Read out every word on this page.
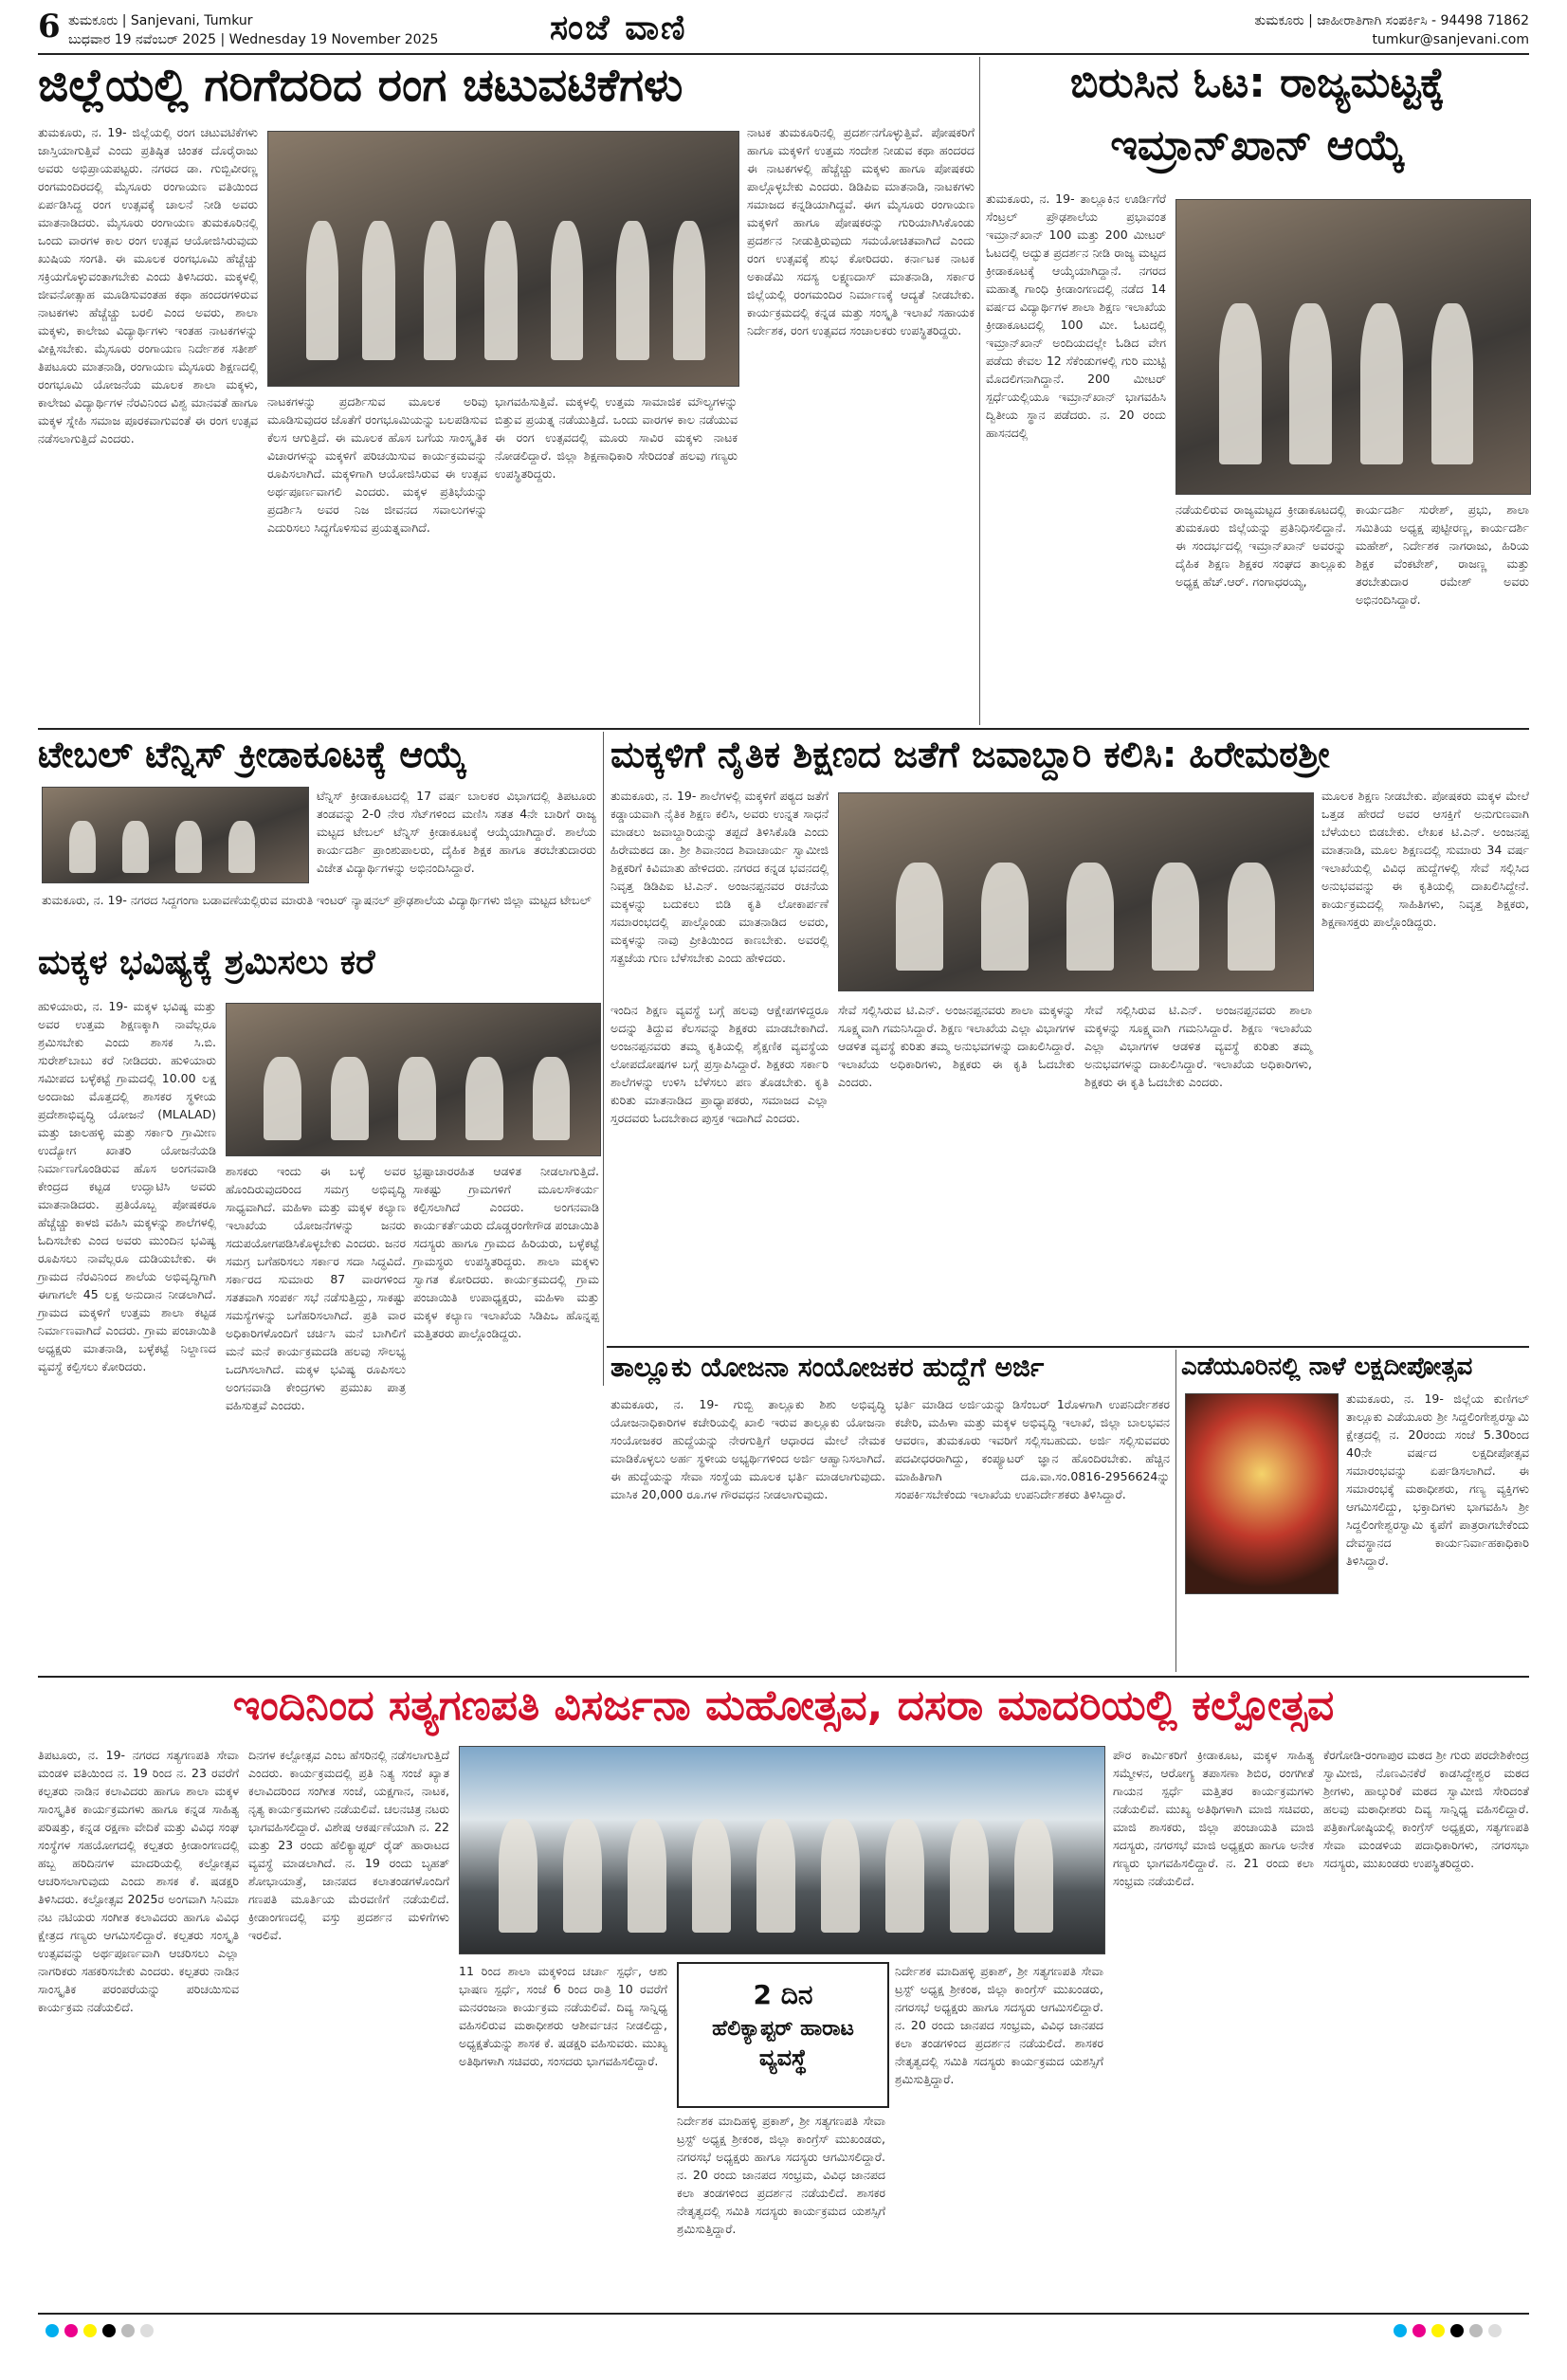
6 ತುಮಕೂರು | Sanjevani, Tumkur
ಬುಧವಾರ 19 ನವೆಂಬರ್ 2025 | Wednesday 19 November 2025	ಸಂಜೆ ವಾಣಿ	ತುಮಕೂರು | ಜಾಹೀರಾತಿಗಾಗಿ ಸಂಪರ್ಕಿಸಿ - 94498 71862
tumkur@sanjevani.com
ಜಿಲ್ಲೆಯಲ್ಲಿ ಗರಿಗೆದರಿದ ರಂಗ ಚಟುವಟಿಕೆಗಳು
ತುಮಕೂರು, ನ. 19- ಜಿಲ್ಲೆಯಲ್ಲಿ ರಂಗ ಚಟುವಟಿಕೆಗಳು ಜಾಸ್ತಿಯಾಗುತ್ತಿವೆ ಎಂದು ಪ್ರತಿಷ್ಠಿತ ಚಿಂತಕ ದೊರೈರಾಜು ಅವರು ಅಭಿಪ್ರಾಯಪಟ್ಟರು. ನಗರದ ಡಾ. ಗುಬ್ಬಿವೀರಣ್ಣ ರಂಗಮಂದಿರದಲ್ಲಿ ಮೈಸೂರು ರಂಗಾಯಣ ವತಿಯಿಂದ ಏರ್ಪಡಿಸಿದ್ದ ರಂಗ ಉತ್ಸವಕ್ಕೆ ಚಾಲನೆ ನೀಡಿ ಅವರು ಮಾತನಾಡಿದರು. ಮೈಸೂರು ರಂಗಾಯಣ ತುಮಕೂರಿನಲ್ಲಿ ಒಂದು ವಾರಗಳ ಕಾಲ ರಂಗ ಉತ್ಸವ ಆಯೋಜಿಸಿರುವುದು ಖುಷಿಯ ಸಂಗತಿ. ಈ ಮೂಲಕ ರಂಗಭೂಮಿ ಹೆಚ್ಚೆಚ್ಚು ಸಕ್ರಿಯಗೊಳ್ಳುವಂತಾಗಬೇಕು ಎಂದು ತಿಳಿಸಿದರು. ಮಕ್ಕಳಲ್ಲಿ ಜೀವನೋತ್ಸಾಹ ಮೂಡಿಸುವಂತಹ ಕಥಾ ಹಂದರಗಳಿರುವ ನಾಟಕಗಳು ಹೆಚ್ಚೆಚ್ಚು ಬರಲಿ ಎಂದ ಅವರು, ಶಾಲಾ ಮಕ್ಕಳು, ಕಾಲೇಜು ವಿದ್ಯಾರ್ಥಿಗಳು ಇಂತಹ ನಾಟಕಗಳನ್ನು ವೀಕ್ಷಿಸಬೇಕು. ಮೈಸೂರು ರಂಗಾಯಣ ನಿರ್ದೇಶಕ ಸತೀಶ್ ತಿಪಟೂರು ಮಾತನಾಡಿ, ರಂಗಾಯಣ ಮೈಸೂರು ಶಿಕ್ಷಣದಲ್ಲಿ ರಂಗಭೂಮಿ ಯೋಜನೆಯ ಮೂಲಕ ಶಾಲಾ ಮಕ್ಕಳು, ಕಾಲೇಜು ವಿದ್ಯಾರ್ಥಿಗಳ ನೆರವಿನಿಂದ ವಿಶ್ವ ಮಾನವತೆ ಹಾಗೂ ಮಕ್ಕಳ ಸ್ನೇಹಿ ಸಮಾಜ ಪೂರಕವಾಗುವಂತೆ ಈ ರಂಗ ಉತ್ಸವ ನಡೆಸಲಾಗುತ್ತಿದೆ ಎಂದರು.
ನಾಟಕಗಳನ್ನು ಪ್ರದರ್ಶಿಸುವ ಮೂಲಕ ಅರಿವು ಮೂಡಿಸುವುದರ ಜೊತೆಗೆ ರಂಗಭೂಮಿಯನ್ನು ಬಲಪಡಿಸುವ ಕೆಲಸ ಆಗುತ್ತಿದೆ. ಈ ಮೂಲಕ ಹೊಸ ಬಗೆಯ ಸಾಂಸ್ಕೃತಿಕ ವಿಚಾರಗಳನ್ನು ಮಕ್ಕಳಿಗೆ ಪರಿಚಯಿಸುವ ಕಾರ್ಯಕ್ರಮವನ್ನು ರೂಪಿಸಲಾಗಿದೆ. ಮಕ್ಕಳಿಗಾಗಿ ಆಯೋಜಿಸಿರುವ ಈ ಉತ್ಸವ ಅರ್ಥಪೂರ್ಣವಾಗಲಿ ಎಂದರು. ಮಕ್ಕಳ ಪ್ರತಿಭೆಯನ್ನು ಪ್ರದರ್ಶಿಸಿ ಅವರ ನಿಜ ಜೀವನದ ಸವಾಲುಗಳನ್ನು ಎದುರಿಸಲು ಸಿದ್ಧಗೊಳಿಸುವ ಪ್ರಯತ್ನವಾಗಿದೆ.
ಭಾಗವಹಿಸುತ್ತಿವೆ. ಮಕ್ಕಳಲ್ಲಿ ಉತ್ತಮ ಸಾಮಾಜಿಕ ಮೌಲ್ಯಗಳನ್ನು ಬಿತ್ತುವ ಪ್ರಯತ್ನ ನಡೆಯುತ್ತಿದೆ. ಒಂದು ವಾರಗಳ ಕಾಲ ನಡೆಯುವ ಈ ರಂಗ ಉತ್ಸವದಲ್ಲಿ ಮೂರು ಸಾವಿರ ಮಕ್ಕಳು ನಾಟಕ ನೋಡಲಿದ್ದಾರೆ. ಜಿಲ್ಲಾ ಶಿಕ್ಷಣಾಧಿಕಾರಿ ಸೇರಿದಂತೆ ಹಲವು ಗಣ್ಯರು ಉಪಸ್ಥಿತರಿದ್ದರು.
ನಾಟಕ ತುಮಕೂರಿನಲ್ಲಿ ಪ್ರದರ್ಶನಗೊಳ್ಳುತ್ತಿವೆ. ಪೋಷಕರಿಗೆ ಹಾಗೂ ಮಕ್ಕಳಿಗೆ ಉತ್ತಮ ಸಂದೇಶ ನೀಡುವ ಕಥಾ ಹಂದರದ ಈ ನಾಟಕಗಳಲ್ಲಿ ಹೆಚ್ಚೆಚ್ಚು ಮಕ್ಕಳು ಹಾಗೂ ಪೋಷಕರು ಪಾಲ್ಗೊಳ್ಳಬೇಕು ಎಂದರು. ಡಿಡಿಪಿಐ ಮಾತನಾಡಿ, ನಾಟಕಗಳು ಸಮಾಜದ ಕನ್ನಡಿಯಾಗಿದ್ದವೆ. ಈಗ ಮೈಸೂರು ರಂಗಾಯಣ ಮಕ್ಕಳಿಗೆ ಹಾಗೂ ಪೋಷಕರನ್ನು ಗುರಿಯಾಗಿಸಿಕೊಂಡು ಪ್ರದರ್ಶನ ನೀಡುತ್ತಿರುವುದು ಸಮಯೋಚಿತವಾಗಿದೆ ಎಂದು ರಂಗ ಉತ್ಸವಕ್ಕೆ ಶುಭ ಕೋರಿದರು. ಕರ್ನಾಟಕ ನಾಟಕ ಅಕಾಡೆಮಿ ಸದಸ್ಯ ಲಕ್ಷ್ಮಣದಾಸ್ ಮಾತನಾಡಿ, ಸರ್ಕಾರ ಜಿಲ್ಲೆಯಲ್ಲಿ ರಂಗಮಂದಿರ ನಿರ್ಮಾಣಕ್ಕೆ ಆದ್ಯತೆ ನೀಡಬೇಕು. ಕಾರ್ಯಕ್ರಮದಲ್ಲಿ ಕನ್ನಡ ಮತ್ತು ಸಂಸ್ಕೃತಿ ಇಲಾಖೆ ಸಹಾಯಕ ನಿರ್ದೇಶಕ, ರಂಗ ಉತ್ಸವದ ಸಂಚಾಲಕರು ಉಪಸ್ಥಿತರಿದ್ದರು.
ಬಿರುಸಿನ ಓಟ: ರಾಜ್ಯಮಟ್ಟಕ್ಕೆ
ಇಮ್ರಾನ್‌ಖಾನ್ ಆಯ್ಕೆ
ತುಮಕೂರು, ನ. 19- ತಾಲ್ಲೂಕಿನ ಊರ್ಡಿಗೆರೆ ಸೆಂಟ್ರಲ್ ಪ್ರೌಢಶಾಲೆಯ ಪ್ರಭಾವಂತ ಇಮ್ರಾನ್‌ಖಾನ್ 100 ಮತ್ತು 200 ಮೀಟರ್ ಓಟದಲ್ಲಿ ಅದ್ಭುತ ಪ್ರದರ್ಶನ ನೀಡಿ ರಾಜ್ಯ ಮಟ್ಟದ ಕ್ರೀಡಾಕೂಟಕ್ಕೆ ಆಯ್ಕೆಯಾಗಿದ್ದಾನೆ. ನಗರದ ಮಹಾತ್ಮ ಗಾಂಧಿ ಕ್ರೀಡಾಂಗಣದಲ್ಲಿ ನಡೆದ 14 ವರ್ಷದ ವಿದ್ಯಾರ್ಥಿಗಳ ಶಾಲಾ ಶಿಕ್ಷಣ ಇಲಾಖೆಯ ಕ್ರೀಡಾಕೂಟದಲ್ಲಿ 100 ಮೀ. ಓಟದಲ್ಲಿ ಇಮ್ರಾನ್‌ಖಾನ್ ಅಂದಿಯದಲ್ಲೇ ಓಡಿದ ವೇಗ ಪಡೆದು ಕೇವಲ 12 ಸೆಕೆಂಡುಗಳಲ್ಲಿ ಗುರಿ ಮುಟ್ಟಿ ಮೊದಲಿಗನಾಗಿದ್ದಾನೆ. 200 ಮೀಟರ್ ಸ್ಪರ್ಧೆಯಲ್ಲಿಯೂ ಇಮ್ರಾನ್‌ಖಾನ್ ಭಾಗವಹಿಸಿ ದ್ವಿತೀಯ ಸ್ಥಾನ ಪಡೆದರು. ನ. 20 ರಂದು ಹಾಸನದಲ್ಲಿ
ನಡೆಯಲಿರುವ ರಾಜ್ಯಮಟ್ಟದ ಕ್ರೀಡಾಕೂಟದಲ್ಲಿ ತುಮಕೂರು ಜಿಲ್ಲೆಯನ್ನು ಪ್ರತಿನಿಧಿಸಲಿದ್ದಾನೆ. ಈ ಸಂದರ್ಭದಲ್ಲಿ ಇಮ್ರಾನ್‌ಖಾನ್ ಅವರನ್ನು ದೈಹಿಕ ಶಿಕ್ಷಣ ಶಿಕ್ಷಕರ ಸಂಘದ ತಾಲ್ಲೂಕು ಅಧ್ಯಕ್ಷ ಹೆಚ್.ಆರ್. ಗಂಗಾಧರಯ್ಯ,
ಕಾರ್ಯದರ್ಶಿ ಸುರೇಶ್, ಪ್ರಭು, ಶಾಲಾ ಸಮಿತಿಯ ಅಧ್ಯಕ್ಷ ಪುಟ್ಟೀರಣ್ಣ, ಕಾರ್ಯದರ್ಶಿ ಮಹೇಶ್, ನಿರ್ದೇಶಕ ನಾಗರಾಜು, ಹಿರಿಯ ಶಿಕ್ಷಕ ವೆಂಕಟೇಶ್, ರಾಜಣ್ಣ ಮತ್ತು ತರಬೇತುದಾರ ರಮೇಶ್ ಅವರು ಅಭಿನಂದಿಸಿದ್ದಾರೆ.
ಟೇಬಲ್ ಟೆನ್ನಿಸ್ ಕ್ರೀಡಾಕೂಟಕ್ಕೆ ಆಯ್ಕೆ
ಟೆನ್ನಿಸ್ ಕ್ರೀಡಾಕೂಟದಲ್ಲಿ 17 ವರ್ಷ ಬಾಲಕರ ವಿಭಾಗದಲ್ಲಿ ತಿಪಟೂರು ತಂಡವನ್ನು 2-0 ನೇರ ಸೆಟ್‌ಗಳಿಂದ ಮಣಿಸಿ ಸತತ 4ನೇ ಬಾರಿಗೆ ರಾಜ್ಯ ಮಟ್ಟದ ಟೇಬಲ್ ಟೆನ್ನಿಸ್ ಕ್ರೀಡಾಕೂಟಕ್ಕೆ ಆಯ್ಕೆಯಾಗಿದ್ದಾರೆ. ಶಾಲೆಯ ಕಾರ್ಯದರ್ಶಿ ಪ್ರಾಂಶುಪಾಲರು, ದೈಹಿಕ ಶಿಕ್ಷಕ ಹಾಗೂ ತರಬೇತುದಾರರು ವಿಜೇತ ವಿದ್ಯಾರ್ಥಿಗಳನ್ನು ಅಭಿನಂದಿಸಿದ್ದಾರೆ.
ತುಮಕೂರು, ನ. 19- ನಗರದ ಸಿದ್ದಗಂಗಾ ಬಡಾವಣೆಯಲ್ಲಿರುವ ಮಾರುತಿ ಇಂಟರ್ ನ್ಯಾಷನಲ್ ಪ್ರೌಢಶಾಲೆಯ ವಿದ್ಯಾರ್ಥಿಗಳು ಜಿಲ್ಲಾ ಮಟ್ಟದ ಟೇಬಲ್
ಮಕ್ಕಳ ಭವಿಷ್ಯಕ್ಕೆ ಶ್ರಮಿಸಲು ಕರೆ
ಹುಳಿಯಾರು, ನ. 19- ಮಕ್ಕಳ ಭವಿಷ್ಯ ಮತ್ತು ಅವರ ಉತ್ತಮ ಶಿಕ್ಷಣಕ್ಕಾಗಿ ನಾವೆಲ್ಲರೂ ಶ್ರಮಿಸಬೇಕು ಎಂದು ಶಾಸಕ ಸಿ.ಬಿ. ಸುರೇಶ್‌ಬಾಬು ಕರೆ ನೀಡಿದರು. ಹುಳಿಯಾರು ಸಮೀಪದ ಬಳ್ಳೆಕಟ್ಟೆ ಗ್ರಾಮದಲ್ಲಿ 10.00 ಲಕ್ಷ ಅಂದಾಜು ಮೊತ್ತದಲ್ಲಿ ಶಾಸಕರ ಸ್ಥಳೀಯ ಪ್ರದೇಶಾಭಿವೃದ್ಧಿ ಯೋಜನೆ (MLALAD) ಮತ್ತು ಜಾಲಹಳ್ಳಿ ಮತ್ತು ಸರ್ಕಾರಿ ಗ್ರಾಮೀಣ ಉದ್ಯೋಗ ಖಾತರಿ ಯೋಜನೆಯಡಿ ನಿರ್ಮಾಣಗೊಂಡಿರುವ ಹೊಸ ಅಂಗನವಾಡಿ ಕೇಂದ್ರದ ಕಟ್ಟಡ ಉದ್ಘಾಟಿಸಿ ಅವರು ಮಾತನಾಡಿದರು. ಪ್ರತಿಯೊಬ್ಬ ಪೋಷಕರೂ ಹೆಚ್ಚೆಚ್ಚು ಕಾಳಜಿ ವಹಿಸಿ ಮಕ್ಕಳನ್ನು ಶಾಲೆಗಳಲ್ಲಿ ಓದಿಸಬೇಕು ಎಂದ ಅವರು ಮುಂದಿನ ಭವಿಷ್ಯ ರೂಪಿಸಲು ನಾವೆಲ್ಲರೂ ದುಡಿಯಬೇಕು. ಈ ಗ್ರಾಮದ ನೆರವಿನಿಂದ ಶಾಲೆಯ ಅಭಿವೃದ್ಧಿಗಾಗಿ ಈಗಾಗಲೇ 45 ಲಕ್ಷ ಅನುದಾನ ನೀಡಲಾಗಿದೆ. ಗ್ರಾಮದ ಮಕ್ಕಳಿಗೆ ಉತ್ತಮ ಶಾಲಾ ಕಟ್ಟಡ ನಿರ್ಮಾಣವಾಗಿದೆ ಎಂದರು. ಗ್ರಾಮ ಪಂಚಾಯಿತಿ ಅಧ್ಯಕ್ಷರು ಮಾತನಾಡಿ, ಬಳ್ಳೆಕಟ್ಟೆ ನಿಲ್ದಾಣದ ವ್ಯವಸ್ಥೆ ಕಲ್ಪಿಸಲು ಕೋರಿದರು.
ಶಾಸಕರು ಇಂದು ಈ ಬಳ್ಳೆ ಅವರ ಹೊಂದಿರುವುದರಿಂದ ಸಮಗ್ರ ಅಭಿವೃದ್ಧಿ ಸಾಧ್ಯವಾಗಿದೆ. ಮಹಿಳಾ ಮತ್ತು ಮಕ್ಕಳ ಕಲ್ಯಾಣ ಇಲಾಖೆಯ ಯೋಜನೆಗಳನ್ನು ಜನರು ಸದುಪಯೋಗಪಡಿಸಿಕೊಳ್ಳಬೇಕು ಎಂದರು. ಜನರ ಸಮಗ್ರ ಬಗೆಹರಿಸಲು ಸರ್ಕಾರ ಸದಾ ಸಿದ್ಧವಿದೆ. ಸರ್ಕಾರದ ಸುಮಾರು 87 ವಾರಗಳಿಂದ ಸತತವಾಗಿ ಸಂಪರ್ಕ ಸಭೆ ನಡೆಸುತ್ತಿದ್ದು, ಸಾಕಷ್ಟು ಸಮಸ್ಯೆಗಳನ್ನು ಬಗೆಹರಿಸಲಾಗಿದೆ. ಪ್ರತಿ ವಾರ ಅಧಿಕಾರಿಗಳೊಂದಿಗೆ ಚರ್ಚಿಸಿ ಮನೆ ಬಾಗಿಲಿಗೆ ಮನೆ ಮನೆ ಕಾರ್ಯಕ್ರಮದಡಿ ಹಲವು ಸೌಲಭ್ಯ ಒದಗಿಸಲಾಗಿದೆ. ಮಕ್ಕಳ ಭವಿಷ್ಯ ರೂಪಿಸಲು ಅಂಗನವಾಡಿ ಕೇಂದ್ರಗಳು ಪ್ರಮುಖ ಪಾತ್ರ ವಹಿಸುತ್ತವೆ ಎಂದರು.
ಭ್ರಷ್ಟಾಚಾರರಹಿತ ಆಡಳಿತ ನೀಡಲಾಗುತ್ತಿದೆ. ಸಾಕಷ್ಟು ಗ್ರಾಮಗಳಿಗೆ ಮೂಲಸೌಕರ್ಯ ಕಲ್ಪಿಸಲಾಗಿದೆ ಎಂದರು. ಅಂಗನವಾಡಿ ಕಾರ್ಯಕರ್ತೆಯರು ದೊಡ್ಡರಂಗೇಗೌಡ ಪಂಚಾಯಿತಿ ಸದಸ್ಯರು ಹಾಗೂ ಗ್ರಾಮದ ಹಿರಿಯರು, ಬಳ್ಳೆಕಟ್ಟೆ ಗ್ರಾಮಸ್ಥರು ಉಪಸ್ಥಿತರಿದ್ದರು. ಶಾಲಾ ಮಕ್ಕಳು ಸ್ವಾಗತ ಕೋರಿದರು. ಕಾರ್ಯಕ್ರಮದಲ್ಲಿ ಗ್ರಾಮ ಪಂಚಾಯಿತಿ ಉಪಾಧ್ಯಕ್ಷರು, ಮಹಿಳಾ ಮತ್ತು ಮಕ್ಕಳ ಕಲ್ಯಾಣ ಇಲಾಖೆಯ ಸಿಡಿಪಿಒ ಹೊನ್ನಪ್ಪ ಮತ್ತಿತರರು ಪಾಲ್ಗೊಂಡಿದ್ದರು.
ಮಕ್ಕಳಿಗೆ ನೈತಿಕ ಶಿಕ್ಷಣದ ಜತೆಗೆ ಜವಾಬ್ದಾರಿ ಕಲಿಸಿ: ಹಿರೇಮಠಶ್ರೀ
ತುಮಕೂರು, ನ. 19- ಶಾಲೆಗಳಲ್ಲಿ ಮಕ್ಕಳಿಗೆ ಪಠ್ಯದ ಜತೆಗೆ ಕಡ್ಡಾಯವಾಗಿ ನೈತಿಕ ಶಿಕ್ಷಣ ಕಲಿಸಿ, ಅವರು ಉನ್ನತ ಸಾಧನೆ ಮಾಡಲು ಜವಾಬ್ದಾರಿಯನ್ನು ತಪ್ಪದೆ ತಿಳಿಸಿಕೊಡಿ ಎಂದು ಹಿರೇಮಠದ ಡಾ. ಶ್ರೀ ಶಿವಾನಂದ ಶಿವಾಚಾರ್ಯ ಸ್ವಾಮೀಜಿ ಶಿಕ್ಷಕರಿಗೆ ಕಿವಿಮಾತು ಹೇಳಿದರು. ನಗರದ ಕನ್ನಡ ಭವನದಲ್ಲಿ ನಿವೃತ್ತ ಡಿಡಿಪಿಐ ಟಿ.ಎನ್. ಅಂಜನಪ್ಪನವರ ರಚನೆಯ ಮಕ್ಕಳನ್ನು ಬದುಕಲು ಬಿಡಿ ಕೃತಿ ಲೋಕಾರ್ಪಣೆ ಸಮಾರಂಭದಲ್ಲಿ ಪಾಲ್ಗೊಂಡು ಮಾತನಾಡಿದ ಅವರು, ಮಕ್ಕಳನ್ನು ನಾವು ಪ್ರೀತಿಯಿಂದ ಕಾಣಬೇಕು. ಅವರಲ್ಲಿ ಸತ್ಪ್ರಜೆಯ ಗುಣ ಬೆಳೆಸಬೇಕು ಎಂದು ಹೇಳಿದರು.
ಇಂದಿನ ಶಿಕ್ಷಣ ವ್ಯವಸ್ಥೆ ಬಗ್ಗೆ ಹಲವು ಆಕ್ಷೇಪಗಳಿದ್ದರೂ ಅದನ್ನು ತಿದ್ದುವ ಕೆಲಸವನ್ನು ಶಿಕ್ಷಕರು ಮಾಡಬೇಕಾಗಿದೆ. ಅಂಜನಪ್ಪನವರು ತಮ್ಮ ಕೃತಿಯಲ್ಲಿ ಶೈಕ್ಷಣಿಕ ವ್ಯವಸ್ಥೆಯ ಲೋಪದೋಷಗಳ ಬಗ್ಗೆ ಪ್ರಸ್ತಾಪಿಸಿದ್ದಾರೆ. ಶಿಕ್ಷಕರು ಸರ್ಕಾರಿ ಶಾಲೆಗಳನ್ನು ಉಳಿಸಿ ಬೆಳೆಸಲು ಪಣ ತೊಡಬೇಕು. ಕೃತಿ ಕುರಿತು ಮಾತನಾಡಿದ ಪ್ರಾಧ್ಯಾಪಕರು, ಸಮಾಜದ ಎಲ್ಲಾ ಸ್ತರದವರು ಓದಬೇಕಾದ ಪುಸ್ತಕ ಇದಾಗಿದೆ ಎಂದರು.
ಸೇವೆ ಸಲ್ಲಿಸಿರುವ ಟಿ.ಎನ್. ಅಂಜನಪ್ಪನವರು ಶಾಲಾ ಮಕ್ಕಳನ್ನು ಸೂಕ್ಷ್ಮವಾಗಿ ಗಮನಿಸಿದ್ದಾರೆ. ಶಿಕ್ಷಣ ಇಲಾಖೆಯ ಎಲ್ಲಾ ವಿಭಾಗಗಳ ಆಡಳಿತ ವ್ಯವಸ್ಥೆ ಕುರಿತು ತಮ್ಮ ಅನುಭವಗಳನ್ನು ದಾಖಲಿಸಿದ್ದಾರೆ. ಇಲಾಖೆಯ ಅಧಿಕಾರಿಗಳು, ಶಿಕ್ಷಕರು ಈ ಕೃತಿ ಓದಬೇಕು ಎಂದರು.
ಸೇವೆ ಸಲ್ಲಿಸಿರುವ ಟಿ.ಎನ್. ಅಂಜನಪ್ಪನವರು ಶಾಲಾ ಮಕ್ಕಳನ್ನು ಸೂಕ್ಷ್ಮವಾಗಿ ಗಮನಿಸಿದ್ದಾರೆ. ಶಿಕ್ಷಣ ಇಲಾಖೆಯ ಎಲ್ಲಾ ವಿಭಾಗಗಳ ಆಡಳಿತ ವ್ಯವಸ್ಥೆ ಕುರಿತು ತಮ್ಮ ಅನುಭವಗಳನ್ನು ದಾಖಲಿಸಿದ್ದಾರೆ. ಇಲಾಖೆಯ ಅಧಿಕಾರಿಗಳು, ಶಿಕ್ಷಕರು ಈ ಕೃತಿ ಓದಬೇಕು ಎಂದರು.
ಮೂಲಕ ಶಿಕ್ಷಣ ನೀಡಬೇಕು. ಪೋಷಕರು ಮಕ್ಕಳ ಮೇಲೆ ಒತ್ತಡ ಹೇರದೆ ಅವರ ಆಸಕ್ತಿಗೆ ಅನುಗುಣವಾಗಿ ಬೆಳೆಯಲು ಬಿಡಬೇಕು. ಲೇಖಕ ಟಿ.ಎನ್. ಅಂಜನಪ್ಪ ಮಾತನಾಡಿ, ಮೂಲ ಶಿಕ್ಷಣದಲ್ಲಿ ಸುಮಾರು 34 ವರ್ಷ ಇಲಾಖೆಯಲ್ಲಿ ವಿವಿಧ ಹುದ್ದೆಗಳಲ್ಲಿ ಸೇವೆ ಸಲ್ಲಿಸಿದ ಅನುಭವವನ್ನು ಈ ಕೃತಿಯಲ್ಲಿ ದಾಖಲಿಸಿದ್ದೇನೆ. ಕಾರ್ಯಕ್ರಮದಲ್ಲಿ ಸಾಹಿತಿಗಳು, ನಿವೃತ್ತ ಶಿಕ್ಷಕರು, ಶಿಕ್ಷಣಾಸಕ್ತರು ಪಾಲ್ಗೊಂಡಿದ್ದರು.
ತಾಲ್ಲೂಕು ಯೋಜನಾ ಸಂಯೋಜಕರ ಹುದ್ದೆಗೆ ಅರ್ಜಿ
ತುಮಕೂರು, ನ. 19- ಗುಬ್ಬಿ ತಾಲ್ಲೂಕು ಶಿಶು ಅಭಿವೃದ್ಧಿ ಯೋಜನಾಧಿಕಾರಿಗಳ ಕಚೇರಿಯಲ್ಲಿ ಖಾಲಿ ಇರುವ ತಾಲ್ಲೂಕು ಯೋಜನಾ ಸಂಯೋಜಕರ ಹುದ್ದೆಯನ್ನು ನೇರಗುತ್ತಿಗೆ ಆಧಾರದ ಮೇಲೆ ನೇಮಕ ಮಾಡಿಕೊಳ್ಳಲು ಅರ್ಹ ಸ್ಥಳೀಯ ಅಭ್ಯರ್ಥಿಗಳಿಂದ ಅರ್ಜಿ ಆಹ್ವಾನಿಸಲಾಗಿದೆ. ಈ ಹುದ್ದೆಯನ್ನು ಸೇವಾ ಸಂಸ್ಥೆಯ ಮೂಲಕ ಭರ್ತಿ ಮಾಡಲಾಗುವುದು. ಮಾಸಿಕ 20,000 ರೂ.ಗಳ ಗೌರವಧನ ನೀಡಲಾಗುವುದು.
ಭರ್ತಿ ಮಾಡಿದ ಅರ್ಜಿಯನ್ನು ಡಿಸೆಂಬರ್ 1ರೊಳಗಾಗಿ ಉಪನಿರ್ದೇಶಕರ ಕಚೇರಿ, ಮಹಿಳಾ ಮತ್ತು ಮಕ್ಕಳ ಅಭಿವೃದ್ಧಿ ಇಲಾಖೆ, ಜಿಲ್ಲಾ ಬಾಲಭವನ ಆವರಣ, ತುಮಕೂರು ಇವರಿಗೆ ಸಲ್ಲಿಸಬಹುದು. ಅರ್ಜಿ ಸಲ್ಲಿಸುವವರು ಪದವೀಧರರಾಗಿದ್ದು, ಕಂಪ್ಯೂಟರ್ ಜ್ಞಾನ ಹೊಂದಿರಬೇಕು. ಹೆಚ್ಚಿನ ಮಾಹಿತಿಗಾಗಿ ದೂ.ವಾ.ಸಂ.0816-2956624ನ್ನು ಸಂಪರ್ಕಿಸಬೇಕೆಂದು ಇಲಾಖೆಯ ಉಪನಿರ್ದೇಶಕರು ತಿಳಿಸಿದ್ದಾರೆ.
ಎಡೆಯೂರಿನಲ್ಲಿ ನಾಳೆ ಲಕ್ಷದೀಪೋತ್ಸವ
ತುಮಕೂರು, ನ. 19- ಜಿಲ್ಲೆಯ ಕುಣಿಗಲ್ ತಾಲ್ಲೂಕು ಎಡೆಯೂರು ಶ್ರೀ ಸಿದ್ದಲಿಂಗೇಶ್ವರಸ್ವಾಮಿ ಕ್ಷೇತ್ರದಲ್ಲಿ ನ. 20ರಂದು ಸಂಜೆ 5.30ರಿಂದ 40ನೇ ವರ್ಷದ ಲಕ್ಷದೀಪೋತ್ಸವ ಸಮಾರಂಭವನ್ನು ಏರ್ಪಡಿಸಲಾಗಿದೆ. ಈ ಸಮಾರಂಭಕ್ಕೆ ಮಠಾಧೀಶರು, ಗಣ್ಯ ವ್ಯಕ್ತಿಗಳು ಆಗಮಿಸಲಿದ್ದು, ಭಕ್ತಾದಿಗಳು ಭಾಗವಹಿಸಿ ಶ್ರೀ ಸಿದ್ದಲಿಂಗೇಶ್ವರಸ್ವಾಮಿ ಕೃಪೆಗೆ ಪಾತ್ರರಾಗಬೇಕೆಂದು ದೇವಸ್ಥಾನದ ಕಾರ್ಯನಿರ್ವಾಹಕಾಧಿಕಾರಿ ತಿಳಿಸಿದ್ದಾರೆ.
ಇಂದಿನಿಂದ ಸತ್ಯಗಣಪತಿ ವಿಸರ್ಜನಾ ಮಹೋತ್ಸವ, ದಸರಾ ಮಾದರಿಯಲ್ಲಿ ಕಲ್ಪೋತ್ಸವ
ತಿಪಟೂರು, ನ. 19- ನಗರದ ಸತ್ಯಗಣಪತಿ ಸೇವಾ ಮಂಡಳಿ ವತಿಯಿಂದ ನ. 19 ರಿಂದ ನ. 23 ರವರೆಗೆ ಕಲ್ಪತರು ನಾಡಿನ ಕಲಾವಿದರು ಹಾಗೂ ಶಾಲಾ ಮಕ್ಕಳ ಸಾಂಸ್ಕೃತಿಕ ಕಾರ್ಯಕ್ರಮಗಳು ಹಾಗೂ ಕನ್ನಡ ಸಾಹಿತ್ಯ ಪರಿಷತ್ತು, ಕನ್ನಡ ರಕ್ಷಣಾ ವೇದಿಕೆ ಮತ್ತು ವಿವಿಧ ಸಂಘ ಸಂಸ್ಥೆಗಳ ಸಹಯೋಗದಲ್ಲಿ ಕಲ್ಪತರು ಕ್ರೀಡಾಂಗಣದಲ್ಲಿ ಹಬ್ಬ ಹರಿದಿನಗಳ ಮಾದರಿಯಲ್ಲಿ ಕಲ್ಪೋತ್ಸವ ಆಚರಿಸಲಾಗುವುದು ಎಂದು ಶಾಸಕ ಕೆ. ಷಡಕ್ಷರಿ ತಿಳಿಸಿದರು. ಕಲ್ಪೋತ್ಸವ 2025ರ ಅಂಗವಾಗಿ ಸಿನಿಮಾ ನಟ ನಟಿಯರು ಸಂಗೀತ ಕಲಾವಿದರು ಹಾಗೂ ವಿವಿಧ ಕ್ಷೇತ್ರದ ಗಣ್ಯರು ಆಗಮಿಸಲಿದ್ದಾರೆ. ಕಲ್ಪತರು ಸಂಸ್ಕೃತಿ ಉತ್ಸವವನ್ನು ಅರ್ಥಪೂರ್ಣವಾಗಿ ಆಚರಿಸಲು ಎಲ್ಲಾ ನಾಗರಿಕರು ಸಹಕರಿಸಬೇಕು ಎಂದರು. ಕಲ್ಪತರು ನಾಡಿನ ಸಾಂಸ್ಕೃತಿಕ ಪರಂಪರೆಯನ್ನು ಪರಿಚಯಿಸುವ ಕಾರ್ಯಕ್ರಮ ನಡೆಯಲಿದೆ.
ದಿನಗಳ ಕಲ್ಪೋತ್ಸವ ಎಂಬ ಹೆಸರಿನಲ್ಲಿ ನಡೆಸಲಾಗುತ್ತಿದೆ ಎಂದರು. ಕಾರ್ಯಕ್ರಮದಲ್ಲಿ ಪ್ರತಿ ನಿತ್ಯ ಸಂಜೆ ಖ್ಯಾತ ಕಲಾವಿದರಿಂದ ಸಂಗೀತ ಸಂಜೆ, ಯಕ್ಷಗಾನ, ನಾಟಕ, ನೃತ್ಯ ಕಾರ್ಯಕ್ರಮಗಳು ನಡೆಯಲಿವೆ. ಚಲನಚಿತ್ರ ನಟರು ಭಾಗವಹಿಸಲಿದ್ದಾರೆ. ವಿಶೇಷ ಆಕರ್ಷಣೆಯಾಗಿ ನ. 22 ಮತ್ತು 23 ರಂದು ಹೆಲಿಕ್ಯಾಪ್ಟರ್ ರೈಡ್ ಹಾರಾಟದ ವ್ಯವಸ್ಥೆ ಮಾಡಲಾಗಿದೆ. ನ. 19 ರಂದು ಬೃಹತ್ ಶೋಭಾಯಾತ್ರೆ, ಜಾನಪದ ಕಲಾತಂಡಗಳೊಂದಿಗೆ ಗಣಪತಿ ಮೂರ್ತಿಯ ಮೆರವಣಿಗೆ ನಡೆಯಲಿದೆ. ಕ್ರೀಡಾಂಗಣದಲ್ಲಿ ವಸ್ತು ಪ್ರದರ್ಶನ ಮಳಿಗೆಗಳು ಇರಲಿವೆ.
11 ರಿಂದ ಶಾಲಾ ಮಕ್ಕಳಿಂದ ಚರ್ಚಾ ಸ್ಪರ್ಧೆ, ಆಶು ಭಾಷಣ ಸ್ಪರ್ಧೆ, ಸಂಜೆ 6 ರಿಂದ ರಾತ್ರಿ 10 ರವರೆಗೆ ಮನರಂಜನಾ ಕಾರ್ಯಕ್ರಮ ನಡೆಯಲಿವೆ. ದಿವ್ಯ ಸಾನ್ನಿಧ್ಯ ವಹಿಸಲಿರುವ ಮಠಾಧೀಶರು ಆಶೀರ್ವಚನ ನೀಡಲಿದ್ದು, ಅಧ್ಯಕ್ಷತೆಯನ್ನು ಶಾಸಕ ಕೆ. ಷಡಕ್ಷರಿ ವಹಿಸುವರು. ಮುಖ್ಯ ಅತಿಥಿಗಳಾಗಿ ಸಚಿವರು, ಸಂಸದರು ಭಾಗವಹಿಸಲಿದ್ದಾರೆ.
2 ದಿನ
ಹೆಲಿಕ್ಯಾಪ್ಟರ್ ಹಾರಾಟ
ವ್ಯವಸ್ಥೆ
ನಿರ್ದೇಶಕ ಮಾದಿಹಳ್ಳಿ ಪ್ರಕಾಶ್, ಶ್ರೀ ಸತ್ಯಗಣಪತಿ ಸೇವಾ ಟ್ರಸ್ಟ್ ಅಧ್ಯಕ್ಷ ಶ್ರೀಕಂಠ, ಜಿಲ್ಲಾ ಕಾಂಗ್ರೆಸ್ ಮುಖಂಡರು, ನಗರಸಭೆ ಅಧ್ಯಕ್ಷರು ಹಾಗೂ ಸದಸ್ಯರು ಆಗಮಿಸಲಿದ್ದಾರೆ. ನ. 20 ರಂದು ಜಾನಪದ ಸಂಭ್ರಮ, ವಿವಿಧ ಜಾನಪದ ಕಲಾ ತಂಡಗಳಿಂದ ಪ್ರದರ್ಶನ ನಡೆಯಲಿದೆ. ಶಾಸಕರ ನೇತೃತ್ವದಲ್ಲಿ ಸಮಿತಿ ಸದಸ್ಯರು ಕಾರ್ಯಕ್ರಮದ ಯಶಸ್ಸಿಗೆ ಶ್ರಮಿಸುತ್ತಿದ್ದಾರೆ.
ನಿರ್ದೇಶಕ ಮಾದಿಹಳ್ಳಿ ಪ್ರಕಾಶ್, ಶ್ರೀ ಸತ್ಯಗಣಪತಿ ಸೇವಾ ಟ್ರಸ್ಟ್ ಅಧ್ಯಕ್ಷ ಶ್ರೀಕಂಠ, ಜಿಲ್ಲಾ ಕಾಂಗ್ರೆಸ್ ಮುಖಂಡರು, ನಗರಸಭೆ ಅಧ್ಯಕ್ಷರು ಹಾಗೂ ಸದಸ್ಯರು ಆಗಮಿಸಲಿದ್ದಾರೆ. ನ. 20 ರಂದು ಜಾನಪದ ಸಂಭ್ರಮ, ವಿವಿಧ ಜಾನಪದ ಕಲಾ ತಂಡಗಳಿಂದ ಪ್ರದರ್ಶನ ನಡೆಯಲಿದೆ. ಶಾಸಕರ ನೇತೃತ್ವದಲ್ಲಿ ಸಮಿತಿ ಸದಸ್ಯರು ಕಾರ್ಯಕ್ರಮದ ಯಶಸ್ಸಿಗೆ ಶ್ರಮಿಸುತ್ತಿದ್ದಾರೆ.
ಪೌರ ಕಾರ್ಮಿಕರಿಗೆ ಕ್ರೀಡಾಕೂಟ, ಮಕ್ಕಳ ಸಾಹಿತ್ಯ ಸಮ್ಮೇಳನ, ಆರೋಗ್ಯ ತಪಾಸಣಾ ಶಿಬಿರ, ರಂಗಗೀತೆ ಗಾಯನ ಸ್ಪರ್ಧೆ ಮತ್ತಿತರ ಕಾರ್ಯಕ್ರಮಗಳು ನಡೆಯಲಿವೆ. ಮುಖ್ಯ ಅತಿಥಿಗಳಾಗಿ ಮಾಜಿ ಸಚಿವರು, ಮಾಜಿ ಶಾಸಕರು, ಜಿಲ್ಲಾ ಪಂಚಾಯತಿ ಮಾಜಿ ಸದಸ್ಯರು, ನಗರಸಭೆ ಮಾಜಿ ಅಧ್ಯಕ್ಷರು ಹಾಗೂ ಅನೇಕ ಗಣ್ಯರು ಭಾಗವಹಿಸಲಿದ್ದಾರೆ. ನ. 21 ರಂದು ಕಲಾ ಸಂಭ್ರಮ ನಡೆಯಲಿದೆ.
ಕೆರಗೋಡಿ-ರಂಗಾಪುರ ಮಠದ ಶ್ರೀ ಗುರು ಪರದೇಶಿಕೇಂದ್ರ ಸ್ವಾಮೀಜಿ, ನೊಣವಿನಕೆರೆ ಕಾಡಸಿದ್ದೇಶ್ವರ ಮಠದ ಶ್ರೀಗಳು, ಹಾಲ್ಕುರಿಕೆ ಮಠದ ಸ್ವಾಮೀಜಿ ಸೇರಿದಂತೆ ಹಲವು ಮಠಾಧೀಶರು ದಿವ್ಯ ಸಾನ್ನಿಧ್ಯ ವಹಿಸಲಿದ್ದಾರೆ. ಪತ್ರಿಕಾಗೋಷ್ಠಿಯಲ್ಲಿ ಕಾಂಗ್ರೆಸ್ ಅಧ್ಯಕ್ಷರು, ಸತ್ಯಗಣಪತಿ ಸೇವಾ ಮಂಡಳಿಯ ಪದಾಧಿಕಾರಿಗಳು, ನಗರಸಭಾ ಸದಸ್ಯರು, ಮುಖಂಡರು ಉಪಸ್ಥಿತರಿದ್ದರು.
